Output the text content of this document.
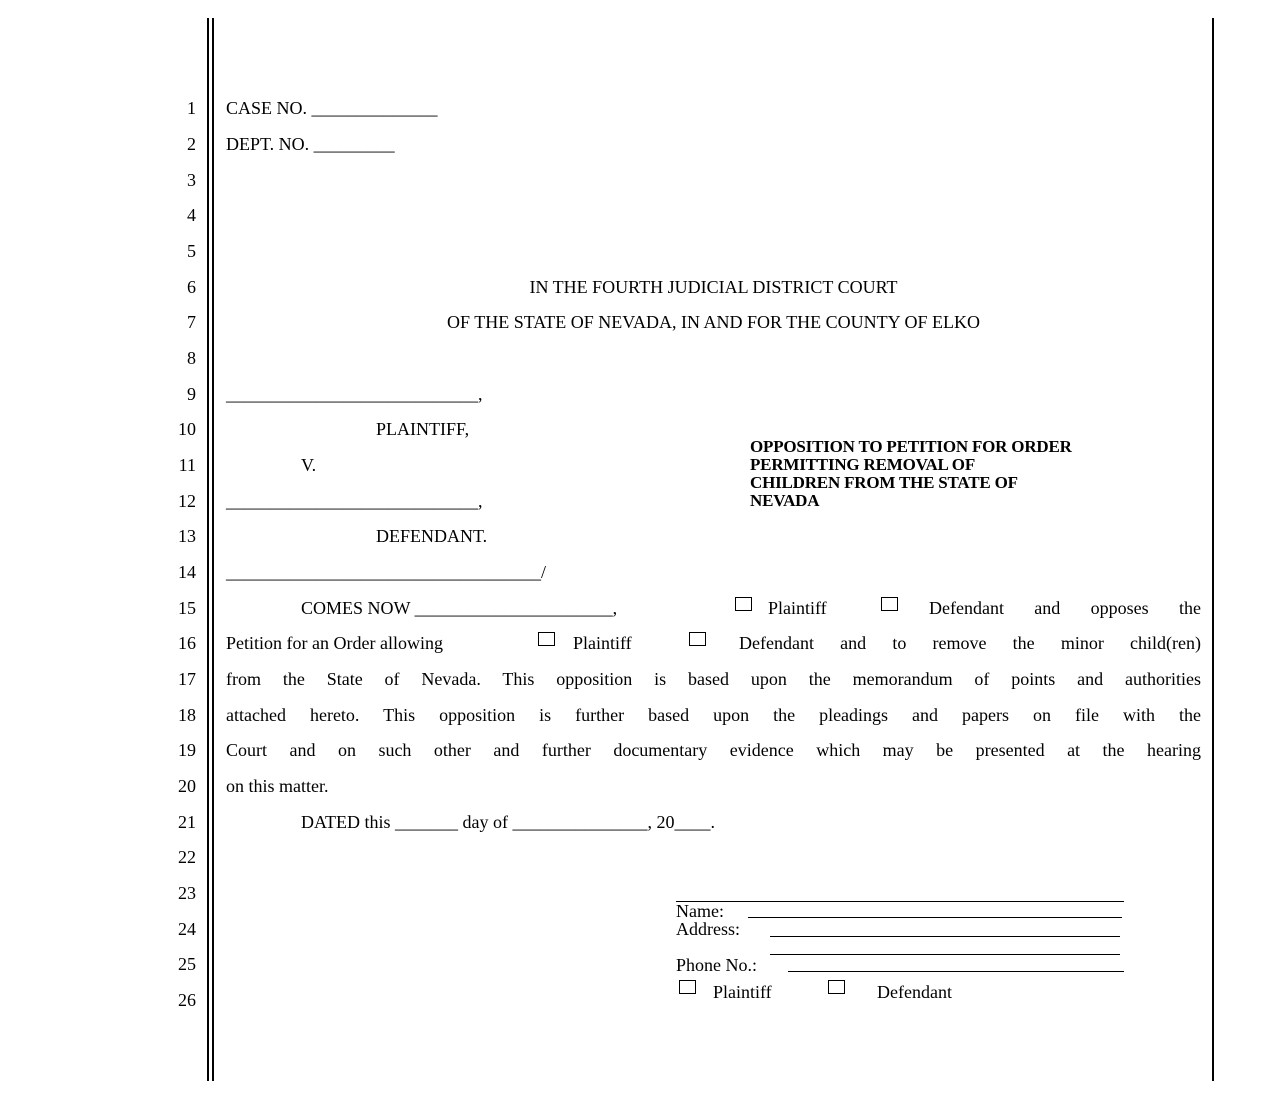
1
2
3
4
5
6
7
8
9
10
11
12
13
14
15
16
17
18
19
20
21
22
23
24
25
26
CASE NO. ______________
DEPT. NO. _________
IN THE FOURTH JUDICIAL DISTRICT COURT
OF THE STATE OF NEVADA, IN AND FOR THE COUNTY OF ELKO
____________________________,
PLAINTIFF,
V.
____________________________,
DEFENDANT.
___________________________________/
OPPOSITION TO PETITION FOR ORDER
PERMITTING REMOVAL OF
CHILDREN FROM THE STATE OF
NEVADA
COMES NOW ______________________,	Plaintiff	Defendant and opposes the
Petition for an Order allowing	Plaintiff	Defendant and to remove the minor child(ren)
from the State of Nevada. This opposition is based upon the memorandum of points and authorities
attached hereto. This opposition is further based upon the pleadings and papers on file with the
Court and on such other and further documentary evidence which may be presented at the hearing
on this matter.
DATED this _______ day of _______________, 20____.
Name:
Address:
Phone No.:
Plaintiff	Defendant
